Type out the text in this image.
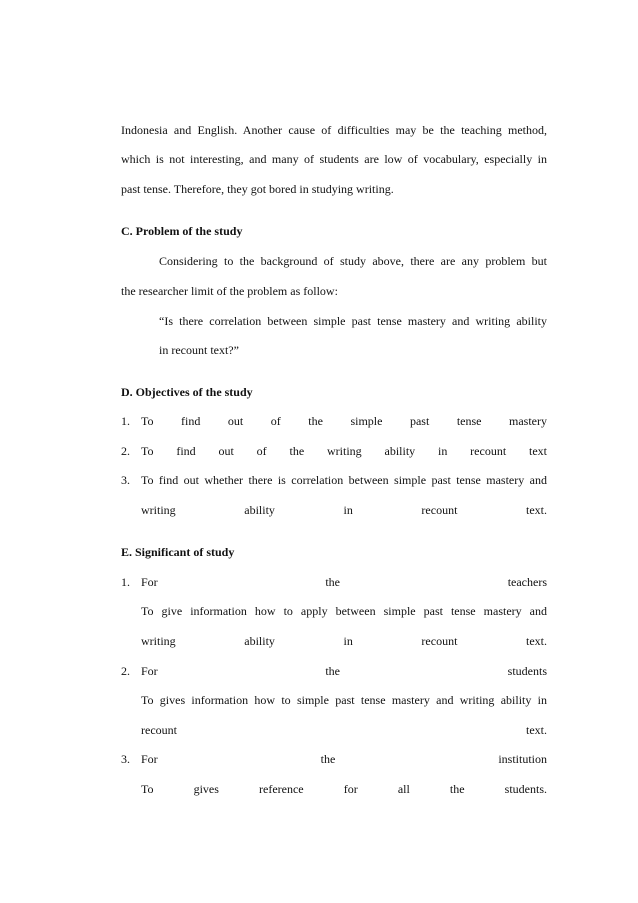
Indonesia and English. Another cause of difficulties may be the teaching method,
which is not interesting, and many of students are low of vocabulary, especially in
past tense. Therefore, they got bored in studying writing.
C. Problem of the study
Considering to the background of study above, there are any problem but
the researcher limit of the problem as follow:
“Is there correlation between simple past tense mastery and writing ability
in recount text?”
D. Objectives of the study
1. To find out of the simple past tense mastery
2. To find out of the writing ability in recount text
3. To find out whether there is correlation between simple past tense mastery and
writing ability in recount text.
E. Significant of study
1. For the teachers
To give information how to apply between simple past tense mastery and
writing ability in recount text.
2. For the students
To gives information how to simple past tense mastery and writing ability in
recount text.
3. For the institution
To gives reference for all the students.
